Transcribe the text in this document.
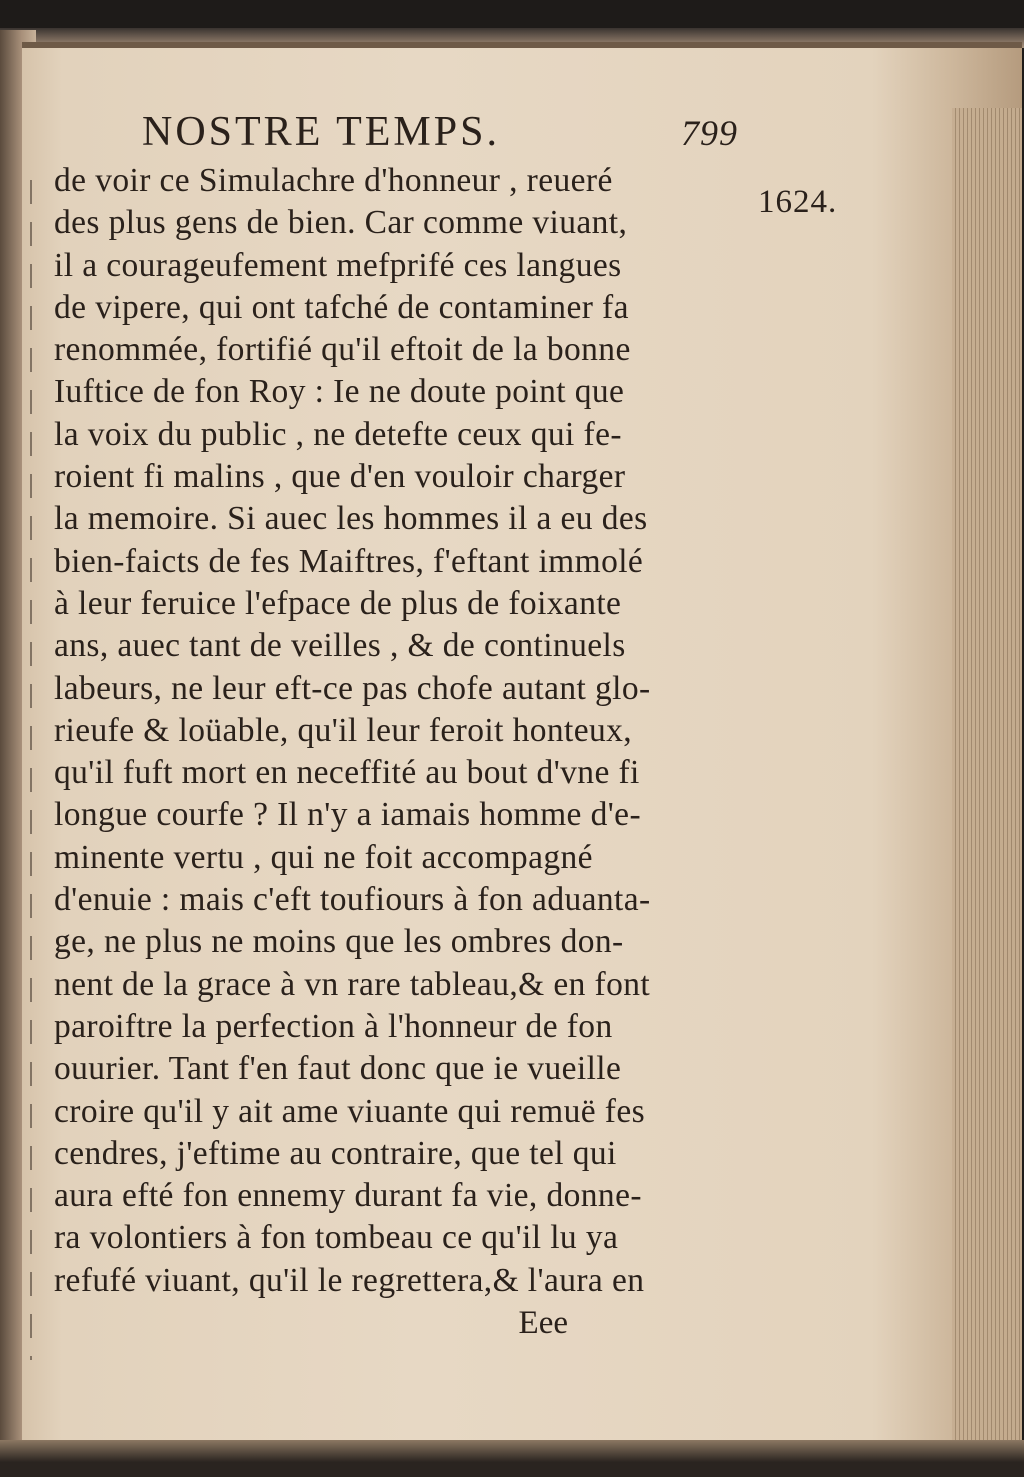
NOSTRE TEMPS.	799
de voir ce Simulachre d'honneur , reueré
des plus gens de bien. Car comme viuant,
il a courageufement mefprifé ces langues
de vipere, qui ont tafché de contaminer fa
renommée, fortifié qu'il eftoit de la bonne
Iuftice de fon Roy : Ie ne doute point que
la voix du public , ne detefte ceux qui fe-
roient fi malins , que d'en vouloir charger
la memoire. Si auec les hommes il a eu des
bien-faicts de fes Maiftres, f'eftant immolé
à leur feruice l'efpace de plus de foixante
ans, auec tant de veilles , & de continuels
labeurs, ne leur eft-ce pas chofe autant glo-
rieufe & loüable, qu'il leur feroit honteux,
qu'il fuft mort en neceffité au bout d'vne fi
longue courfe ? Il n'y a iamais homme d'e-
minente vertu , qui ne foit accompagné
d'enuie : mais c'eft toufiours à fon aduanta-
ge, ne plus ne moins que les ombres don-
nent de la grace à vn rare tableau,& en font
paroiftre la perfection à l'honneur de fon
ouurier. Tant f'en faut donc que ie vueille
croire qu'il y ait ame viuante qui remuë fes
cendres, j'eftime au contraire, que tel qui
aura efté fon ennemy durant fa vie, donne-
ra volontiers à fon tombeau ce qu'il lu ya
refufé viuant, qu'il le regrettera,& l'aura en
Eee
1624.
